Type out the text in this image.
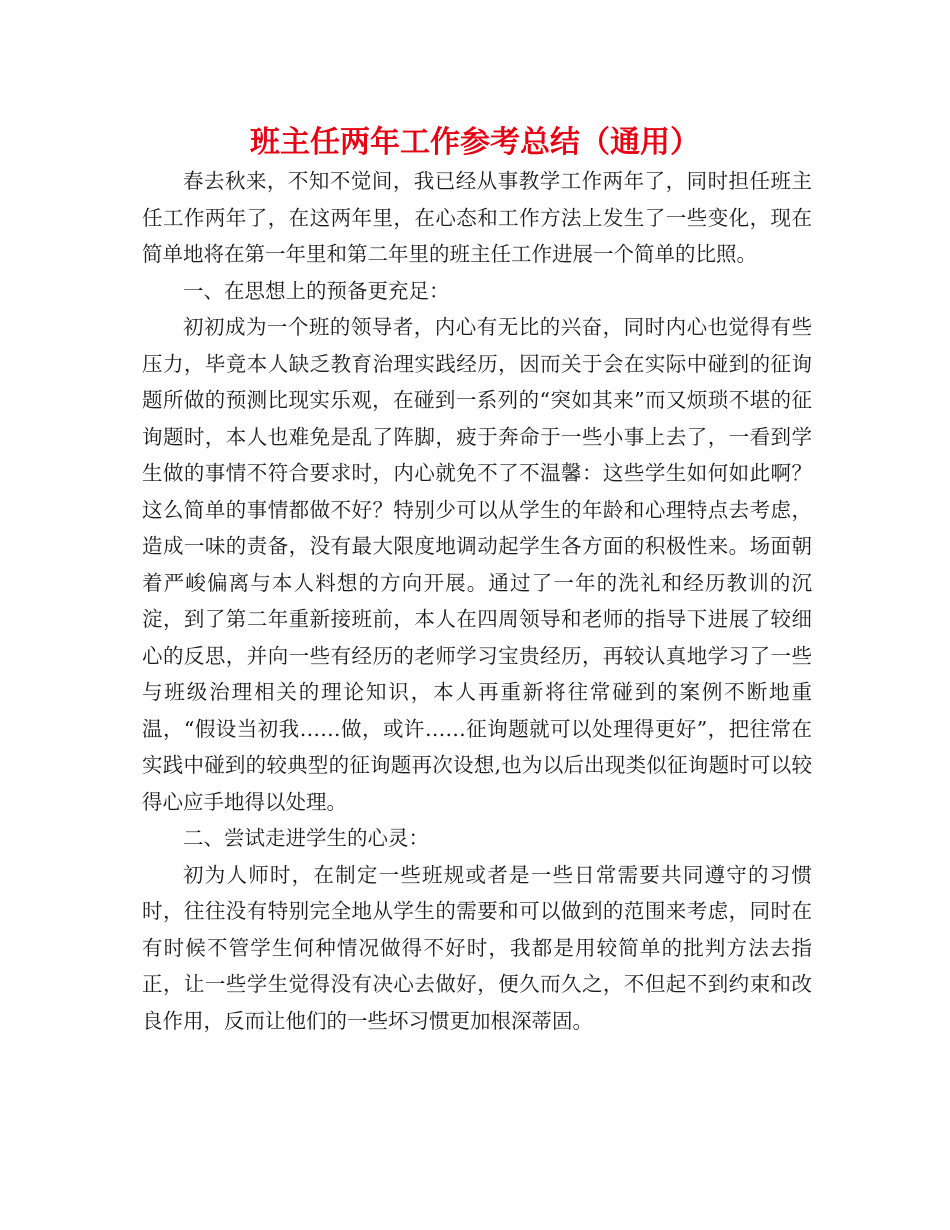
班主任两年工作参考总结（通用）

春去秋来，不知不觉间，我已经从事教学工作两年了，同时担任班主任工作两年了，在这两年里，在心态和工作方法上发生了一些变化，现在简单地将在第一年里和第二年里的班主任工作进展一个简单的比照。

一、在思想上的预备更充足：

初初成为一个班的领导者，内心有无比的兴奋，同时内心也觉得有些压力，毕竟本人缺乏教育治理实践经历，因而关于会在实际中碰到的征询题所做的预测比现实乐观，在碰到一系列的“突如其来”而又烦琐不堪的征询题时，本人也难免是乱了阵脚，疲于奔命于一些小事上去了，一看到学生做的事情不符合要求时，内心就免不了不温馨：这些学生如何如此啊？这么简单的事情都做不好？特别少可以从学生的年龄和心理特点去考虑，造成一味的责备，没有最大限度地调动起学生各方面的积极性来。场面朝着严峻偏离与本人料想的方向开展。通过了一年的洗礼和经历教训的沉淀，到了第二年重新接班前，本人在四周领导和老师的指导下进展了较细心的反思，并向一些有经历的老师学习宝贵经历，再较认真地学习了一些与班级治理相关的理论知识，本人再重新将往常碰到的案例不断地重温，“假设当初我……做，或许……征询题就可以处理得更好”，把往常在实践中碰到的较典型的征询题再次设想,也为以后出现类似征询题时可以较得心应手地得以处理。

二、尝试走进学生的心灵：

初为人师时，在制定一些班规或者是一些日常需要共同遵守的习惯时，往往没有特别完全地从学生的需要和可以做到的范围来考虑，同时在有时候不管学生何种情况做得不好时，我都是用较简单的批判方法去指正，让一些学生觉得没有决心去做好，便久而久之，不但起不到约束和改良作用，反而让他们的一些坏习惯更加根深蒂固。
